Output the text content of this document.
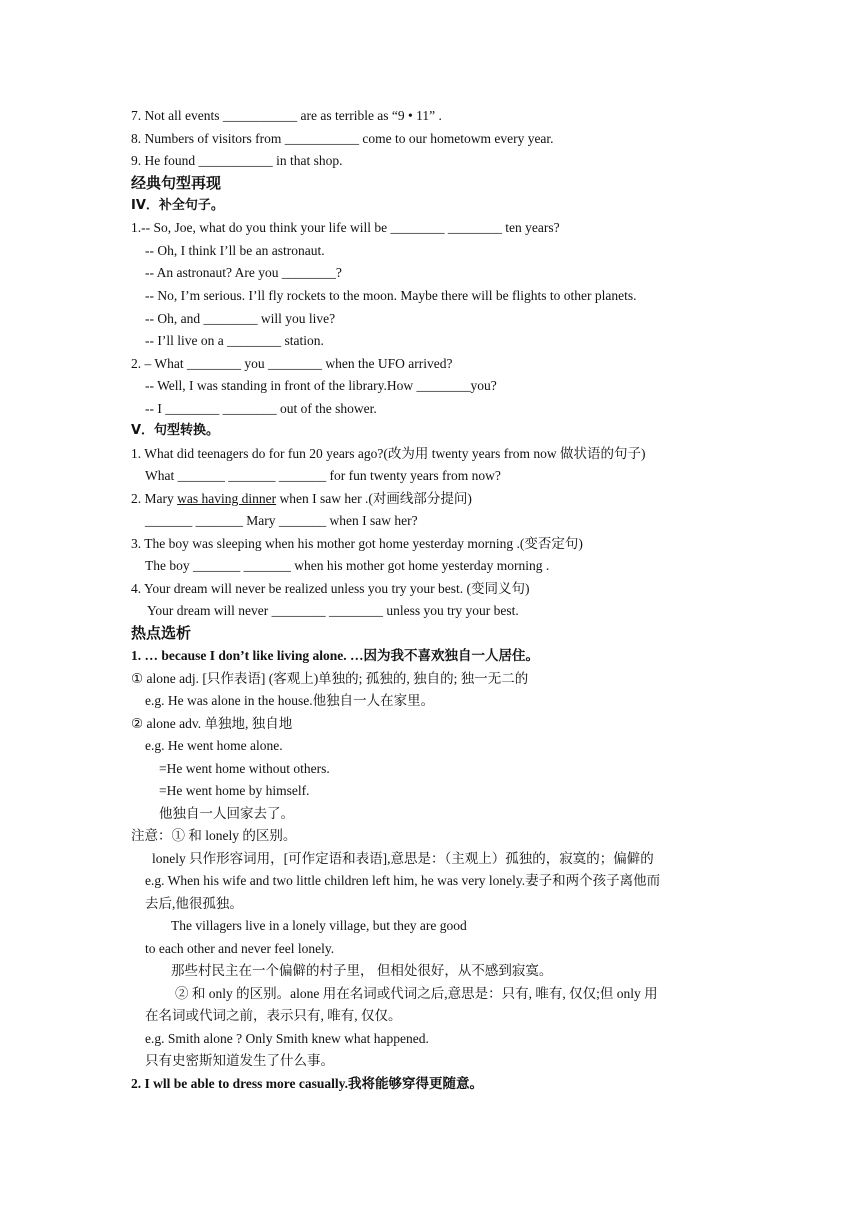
7. Not all events ___________ are as terrible as “9 • 11” .
8. Numbers of visitors from ___________ come to our hometowm every year.
9. He found ___________ in that shop.
经典句型再现
IV．补全句子。
1.-- So, Joe, what do you think your life will be ________ ________ ten years?
-- Oh, I think I’ll be an astronaut.
-- An astronaut? Are you ________?
-- No, I’m serious. I’ll fly rockets to the moon. Maybe there will be flights to other planets.
-- Oh, and ________ will you live?
-- I’ll live on a ________ station.
2. – What ________ you ________ when the UFO arrived?
-- Well, I was standing in front of the library.How ________you?
-- I ________ ________ out of the shower.
V．句型转换。
1. What did teenagers do for fun 20 years ago?(改为用 twenty years from now 做状语的句子)
What _______ _______ _______ for fun twenty years from now?
2. Mary was having dinner when I saw her .(对画线部分提问)
_______ _______ Mary _______ when I saw her?
3. The boy was sleeping when his mother got home yesterday morning .(变否定句)
The boy _______ _______ when his mother got home yesterday morning .
4. Your dream will never be realized unless you try your best. (变同义句)
Your dream will never ________ ________ unless you try your best.
热点选析
1. … because I don’t like living alone. …因为我不喜欢独自一人居住。
① alone adj. [只作表语] (客观上)单独的; 孤独的, 独自的; 独一无二的
e.g. He was alone in the house.他独自一人在家里。
② alone adv. 单独地, 独自地
e.g. He went home alone.
=He went home without others.
=He went home by himself.
他独自一人回家去了。
注意：① 和 lonely 的区别。
lonely 只作形容词用，[可作定语和表语],意思是：（主观上）孤独的，寂寞的；偏僻的
e.g. When his wife and two little children left him, he was very lonely.妻子和两个孩子离他而
去后,他很孤独。
The villagers live in a lonely village, but they are good
to each other and never feel lonely.
那些村民主在一个偏僻的村子里， 但相处很好，从不感到寂寞。
② 和 only 的区别。alone 用在名词或代词之后,意思是：只有, 唯有, 仅仅;但 only 用
在名词或代词之前，表示只有, 唯有, 仅仅。
e.g. Smith alone ? Only Smith knew what happened.
只有史密斯知道发生了什么事。
2. I wll be able to dress more casually.我将能够穿得更随意。
